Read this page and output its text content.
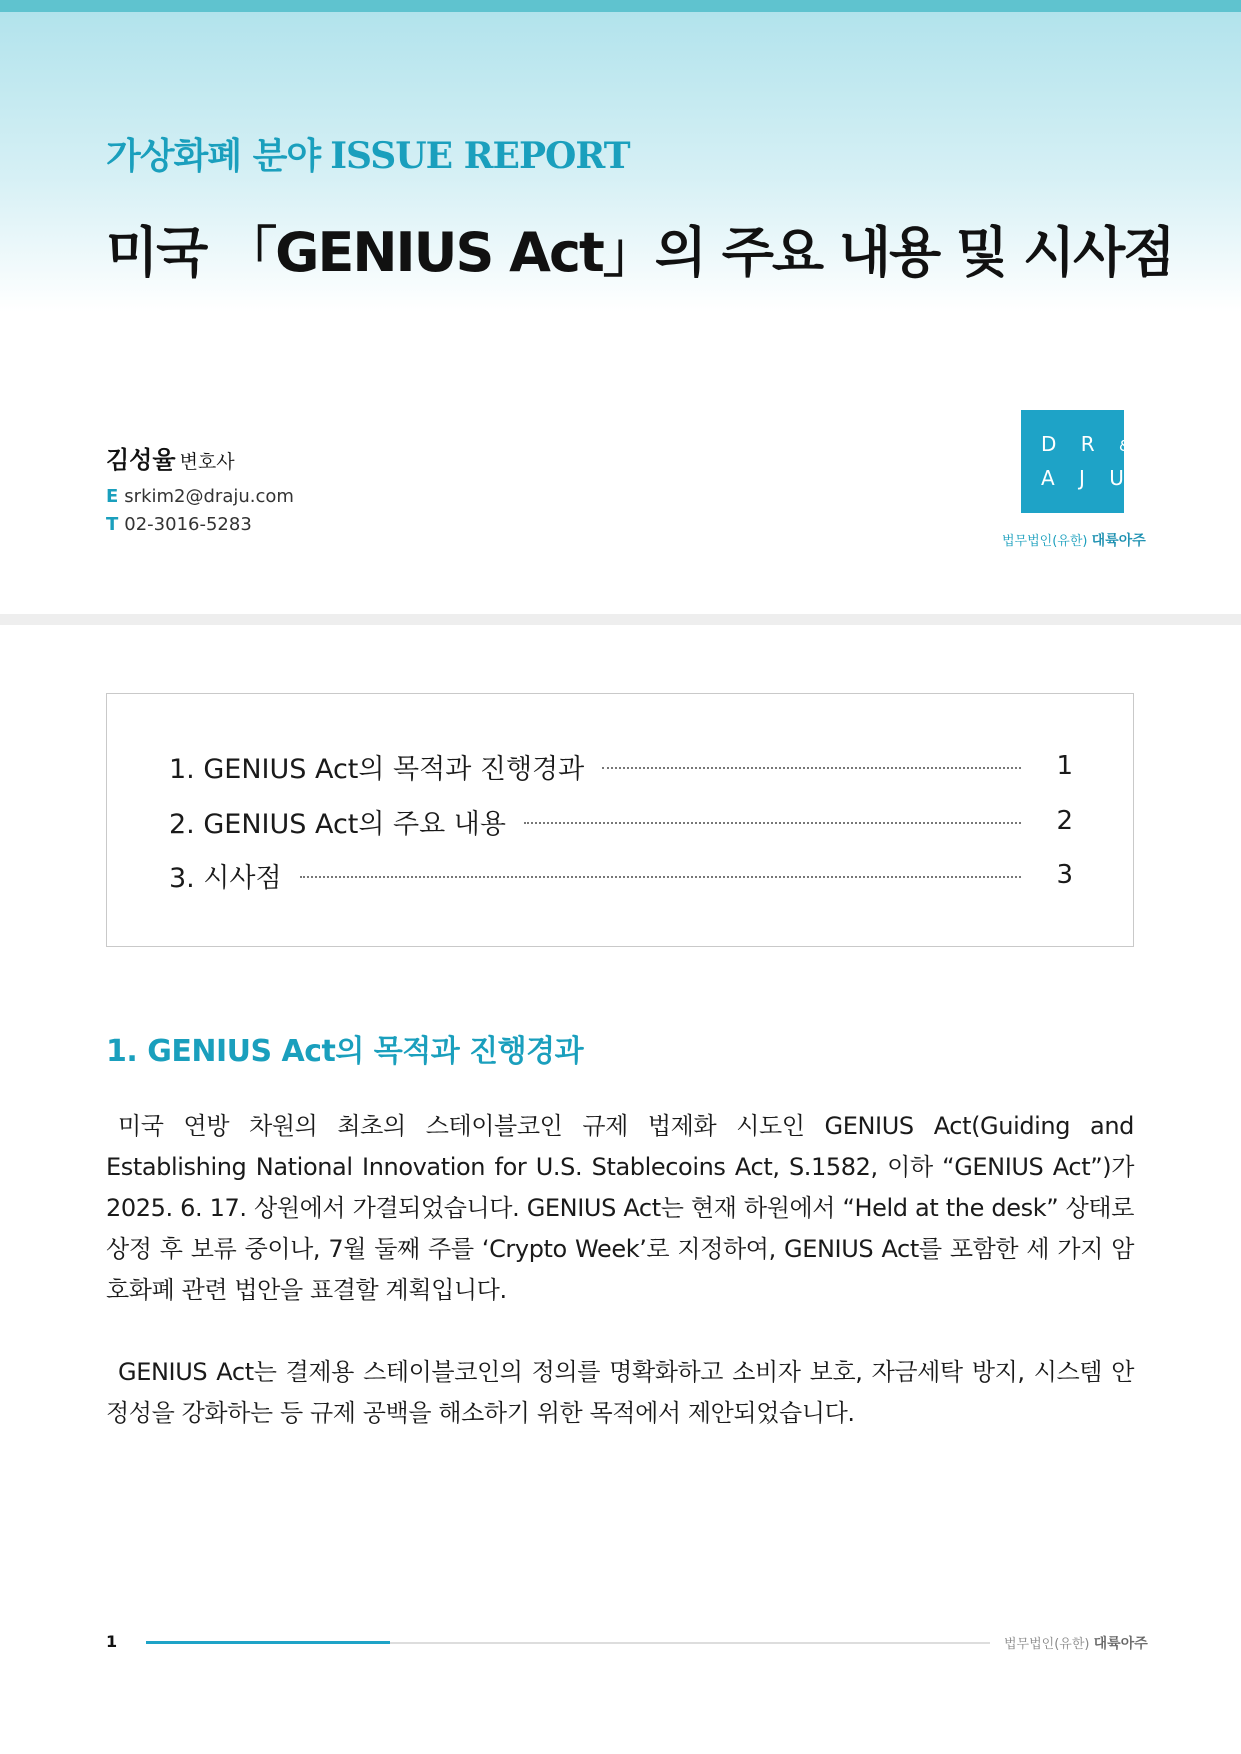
가상화폐 분야 ISSUE REPORT
미국 「GENIUS Act」의 주요 내용 및 시사점
김성율 변호사
E srkim2@draju.com
T 02-3016-5283
D R &
A J U
법무법인(유한) 대륙아주
1. GENIUS Act의 목적과 진행경과	1
2. GENIUS Act의 주요 내용	2
3. 시사점	3
1. GENIUS Act의 목적과 진행경과

미국 연방 차원의 최초의 스테이블코인 규제 법제화 시도인 GENIUS Act(Guiding and Establishing National Innovation for U.S. Stablecoins Act, S.1582, 이하 “GENIUS Act”)가 2025. 6. 17. 상원에서 가결되었습니다. GENIUS Act는 현재 하원에서 “Held at the desk” 상태로 상정 후 보류 중이나, 7월 둘째 주를 ‘Crypto Week’로 지정하여, GENIUS Act를 포함한 세 가지 암호화폐 관련 법안을 표결할 계획입니다.

GENIUS Act는 결제용 스테이블코인의 정의를 명확화하고 소비자 보호, 자금세탁 방지, 시스템 안정성을 강화하는 등 규제 공백을 해소하기 위한 목적에서 제안되었습니다.

1	법무법인(유한) 대륙아주
